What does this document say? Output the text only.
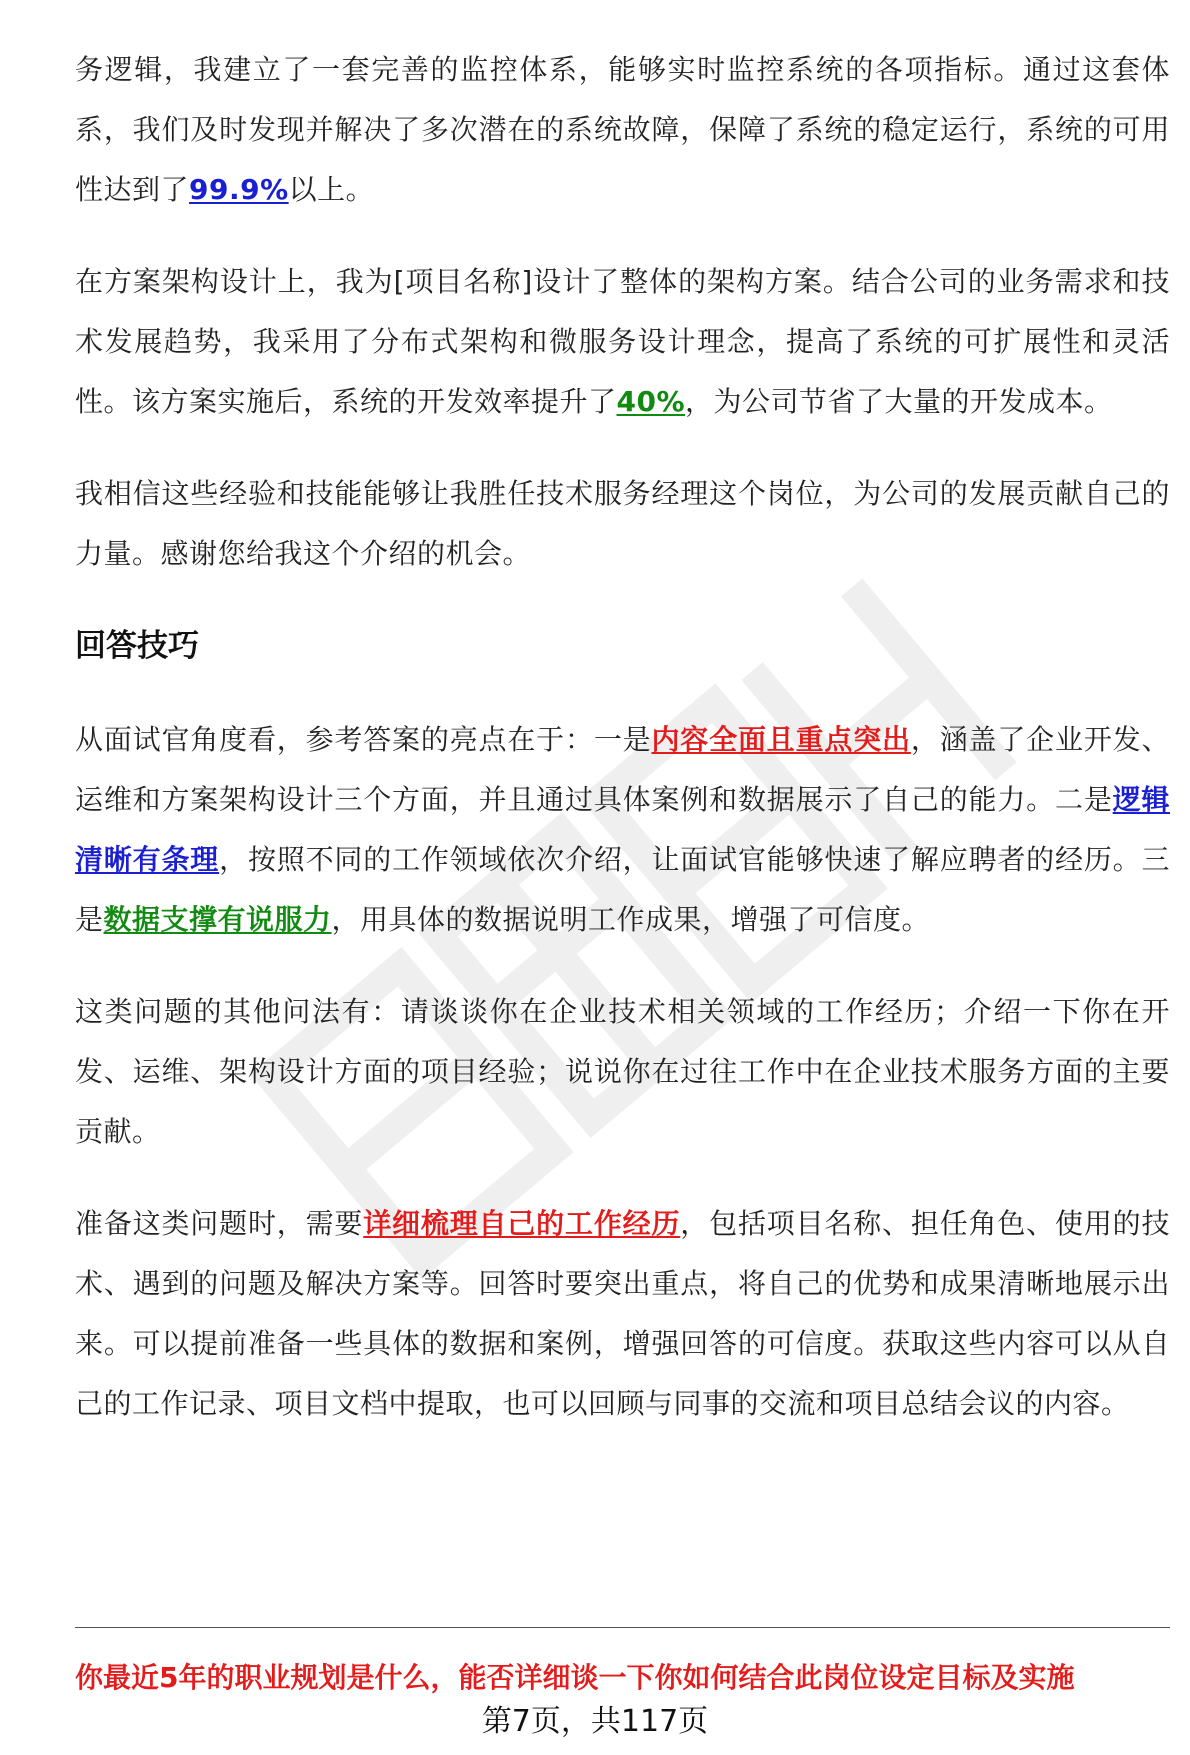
务逻辑，我建立了一套完善的监控体系，能够实时监控系统的各项指标。通过这套体系，我们及时发现并解决了多次潜在的系统故障，保障了系统的稳定运行，系统的可用性达到了99.9%以上。

在方案架构设计上，我为[项目名称]设计了整体的架构方案。结合公司的业务需求和技术发展趋势，我采用了分布式架构和微服务设计理念，提高了系统的可扩展性和灵活性。该方案实施后，系统的开发效率提升了40%，为公司节省了大量的开发成本。

我相信这些经验和技能能够让我胜任技术服务经理这个岗位，为公司的发展贡献自己的力量。感谢您给我这个介绍的机会。

回答技巧

从面试官角度看，参考答案的亮点在于：一是内容全面且重点突出，涵盖了企业开发、运维和方案架构设计三个方面，并且通过具体案例和数据展示了自己的能力。二是逻辑清晰有条理，按照不同的工作领域依次介绍，让面试官能够快速了解应聘者的经历。三是数据支撑有说服力，用具体的数据说明工作成果，增强了可信度。

这类问题的其他问法有：请谈谈你在企业技术相关领域的工作经历；介绍一下你在开发、运维、架构设计方面的项目经验；说说你在过往工作中在企业技术服务方面的主要贡献。

准备这类问题时，需要详细梳理自己的工作经历，包括项目名称、担任角色、使用的技术、遇到的问题及解决方案等。回答时要突出重点，将自己的优势和成果清晰地展示出来。可以提前准备一些具体的数据和案例，增强回答的可信度。获取这些内容可以从自己的工作记录、项目文档中提取，也可以回顾与同事的交流和项目总结会议的内容。

你最近5年的职业规划是什么，能否详细谈一下你如何结合此岗位设定目标及实施
第7页，共117页
